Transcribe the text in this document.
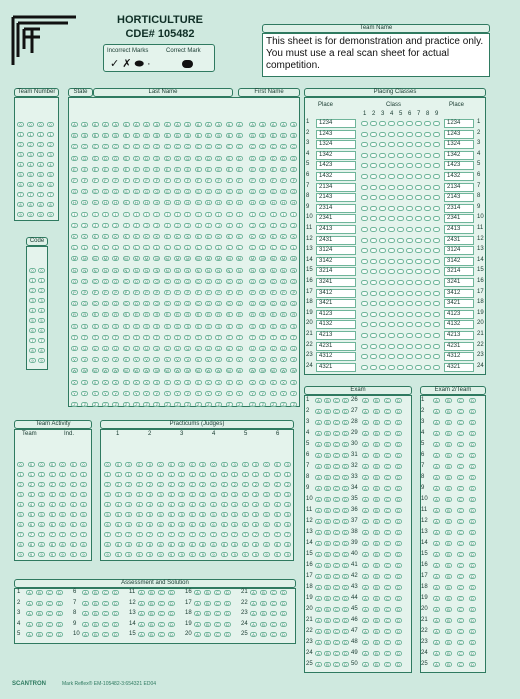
HORTICULTURE
CDE# 105482
Incorrect Marks	Correct Mark
✓ ✗ ⬬ ·
Team Name
This sheet is for demonstration and practice only. You must use a real scan sheet for actual competition.
Team Number	State	Last Name	First Name
Code
Placing Classes
Place	Class	Place
1 2 3 4 5 6 7 8 9
1	1234	1234	1
2	1243	1243	2
3	1324	1324	3
4	1342	1342	4
5	1423	1423	5
6	1432	1432	6
7	2134	2134	7
8	2143	2143	8
9	2314	2314	9
10	2341	2341	10
11	2413	2413	11
12	2431	2431	12
13	3124	3124	13
14	3142	3142	14
15	3214	3214	15
16	3241	3241	16
17	3412	3412	17
18	3421	3421	18
19	4123	4123	19
20	4132	4132	20
21	4213	4213	21
22	4231	4231	22
23	4312	4312	23
24	4321	4321	24
Team Activity
Team	Ind.
Practicums (Judges)
1	2	3	4	5	6
Exam	Exam 2/Team
Assessment and Solution
SCANTRON	Mark Reflex® EM-105482-3:654321 ED04
0	0	0	0
1	1	1	1
2	2	2	2
3	3	3	3
4	4	4	4
5	5	5	5
6	6	6	6
7	7	7	7
8	8	8	8
9	9	9	9
A	A	A	A	A	A	A	A	A	A	A	A	A	A	A	A	A	A	A	A	A	A
B	B	B	B	B	B	B	B	B	B	B	B	B	B	B	B	B	B	B	B	B	B
C	C	C	C	C	C	C	C	C	C	C	C	C	C	C	C	C	C	C	C	C	C
D	D	D	D	D	D	D	D	D	D	D	D	D	D	D	D	D	D	D	D	D	D
E	E	E	E	E	E	E	E	E	E	E	E	E	E	E	E	E	E	E	E	E	E
F	F	F	F	F	F	F	F	F	F	F	F	F	F	F	F	F	F	F	F	F	F
G	G	G	G	G	G	G	G	G	G	G	G	G	G	G	G	G	G	G	G	G	G
H	H	H	H	H	H	H	H	H	H	H	H	H	H	H	H	H	H	H	H	H	H
I	I	I	I	I	I	I	I	I	I	I	I	I	I	I	I	I	I	I	I	I	I
J	J	J	J	J	J	J	J	J	J	J	J	J	J	J	J	J	J	J	J	J	J
K	K	K	K	K	K	K	K	K	K	K	K	K	K	K	K	K	K	K	K	K	K
L	L	L	L	L	L	L	L	L	L	L	L	L	L	L	L	L	L	L	L	L	L
M	M	M	M	M	M	M	M	M	M	M	M	M	M	M	M	M	M	M	M	M	M
N	N	N	N	N	N	N	N	N	N	N	N	N	N	N	N	N	N	N	N	N	N
O	O	O	O	O	O	O	O	O	O	O	O	O	O	O	O	O	O	O	O	O	O
P	P	P	P	P	P	P	P	P	P	P	P	P	P	P	P	P	P	P	P	P	P
Q	Q	Q	Q	Q	Q	Q	Q	Q	Q	Q	Q	Q	Q	Q	Q	Q	Q	Q	Q	Q	Q
R	R	R	R	R	R	R	R	R	R	R	R	R	R	R	R	R	R	R	R	R	R
S	S	S	S	S	S	S	S	S	S	S	S	S	S	S	S	S	S	S	S	S	S
T	T	T	T	T	T	T	T	T	T	T	T	T	T	T	T	T	T	T	T	T	T
U	U	U	U	U	U	U	U	U	U	U	U	U	U	U	U	U	U	U	U	U	U
V	V	V	V	V	V	V	V	V	V	V	V	V	V	V	V	V	V	V	V	V	V
W	W	W	W	W	W	W	W	W	W	W	W	W	W	W	W	W	W	W	W	W	W
X	X	X	X	X	X	X	X	X	X	X	X	X	X	X	X	X	X	X	X	X	X
Y	Y	Y	Y	Y	Y	Y	Y	Y	Y	Y	Y	Y	Y	Y	Y	Y	Y	Y	Y	Y	Y
Z	Z	Z	Z	Z	Z	Z	Z	Z	Z	Z	Z	Z	Z	Z	Z	Z	Z	Z	Z	Z	Z
0	0
1	1
2	2
3	3
4	4
5	5
6	6
7	7
8	8
9	9
0	0	0	0	0	0	0
1	1	1	1	1	1	1
2	2	2	2	2	2	2
3	3	3	3	3	3	3
4	4	4	4	4	4	4
5	5	5	5	5	5	5
6	6	6	6	6	6	6
7	7	7	7	7	7	7
8	8	8	8	8	8	8
9	9	9	9	9	9	9
0	0	0	0	0	0	0	0	0	0	0	0	0	0	0	0	0	0
1	1	1	1	1	1	1	1	1	1	1	1	1	1	1	1	1	1
2	2	2	2	2	2	2	2	2	2	2	2	2	2	2	2	2	2
3	3	3	3	3	3	3	3	3	3	3	3	3	3	3	3	3	3
4	4	4	4	4	4	4	4	4	4	4	4	4	4	4	4	4	4
5	5	5	5	5	5	5	5	5	5	5	5	5	5	5	5	5	5
6	6	6	6	6	6	6	6	6	6	6	6	6	6	6	6	6	6
7	7	7	7	7	7	7	7	7	7	7	7	7	7	7	7	7	7
8	8	8	8	8	8	8	8	8	8	8	8	8	8	8	8	8	8
9	9	9	9	9	9	9	9	9	9	9	9	9	9	9	9	9	9
1	A	B	C	D 26	A	B	C	D	1	A	B	C	D
2	A	B	C	D 27	A	B	C	D	2	A	B	C	D
3	A	B	C	D 28	A	B	C	D	3	A	B	C	D
4	A	B	C	D 29	A	B	C	D	4	A	B	C	D
5	A	B	C	D 30	A	B	C	D	5	A	B	C	D
6	A	B	C	D 31	A	B	C	D	6	A	B	C	D
7	A	B	C	D 32	A	B	C	D	7	A	B	C	D
8	A	B	C	D 33	A	B	C	D	8	A	B	C	D
9	A	B	C	D 34	A	B	C	D	9	A	B	C	D
10	A	B	C	D 35	A	B	C	D	10	A	B	C	D
11	A	B	C	D 36	A	B	C	D	11	A	B	C	D
12	A	B	C	D 37	A	B	C	D	12	A	B	C	D
13	A	B	C	D 38	A	B	C	D	13	A	B	C	D
14	A	B	C	D 39	A	B	C	D	14	A	B	C	D
15	A	B	C	D 40	A	B	C	D	15	A	B	C	D
16	A	B	C	D 41	A	B	C	D	16	A	B	C	D
17	A	B	C	D 42	A	B	C	D	17	A	B	C	D
18	A	B	C	D 43	A	B	C	D	18	A	B	C	D
19	A	B	C	D 44	A	B	C	D	19	A	B	C	D
20	A	B	C	D 45	A	B	C	D	20	A	B	C	D
21	A	B	C	D 46	A	B	C	D	21	A	B	C	D
22	A	B	C	D 47	A	B	C	D	22	A	B	C	D
23	A	B	C	D 48	A	B	C	D	23	A	B	C	D
24	A	B	C	D 49	A	B	C	D	24	A	B	C	D
25	A	B	C	D 50	A	B	C	D	25	A	B	C	D
1	A	B	C	D	6	A	B	C	D	11	A	B	C	D	16	A	B	C	D	21	A	B	C	D
2	A	B	C	D	7	A	B	C	D	12	A	B	C	D	17	A	B	C	D	22	A	B	C	D
3	A	B	C	D	8	A	B	C	D	13	A	B	C	D	18	A	B	C	D	23	A	B	C	D
4	A	B	C	D	9	A	B	C	D	14	A	B	C	D	19	A	B	C	D	24	A	B	C	D
5	A	B	C	D	10	A	B	C	D	15	A	B	C	D	20	A	B	C	D	25	A	B	C	D
